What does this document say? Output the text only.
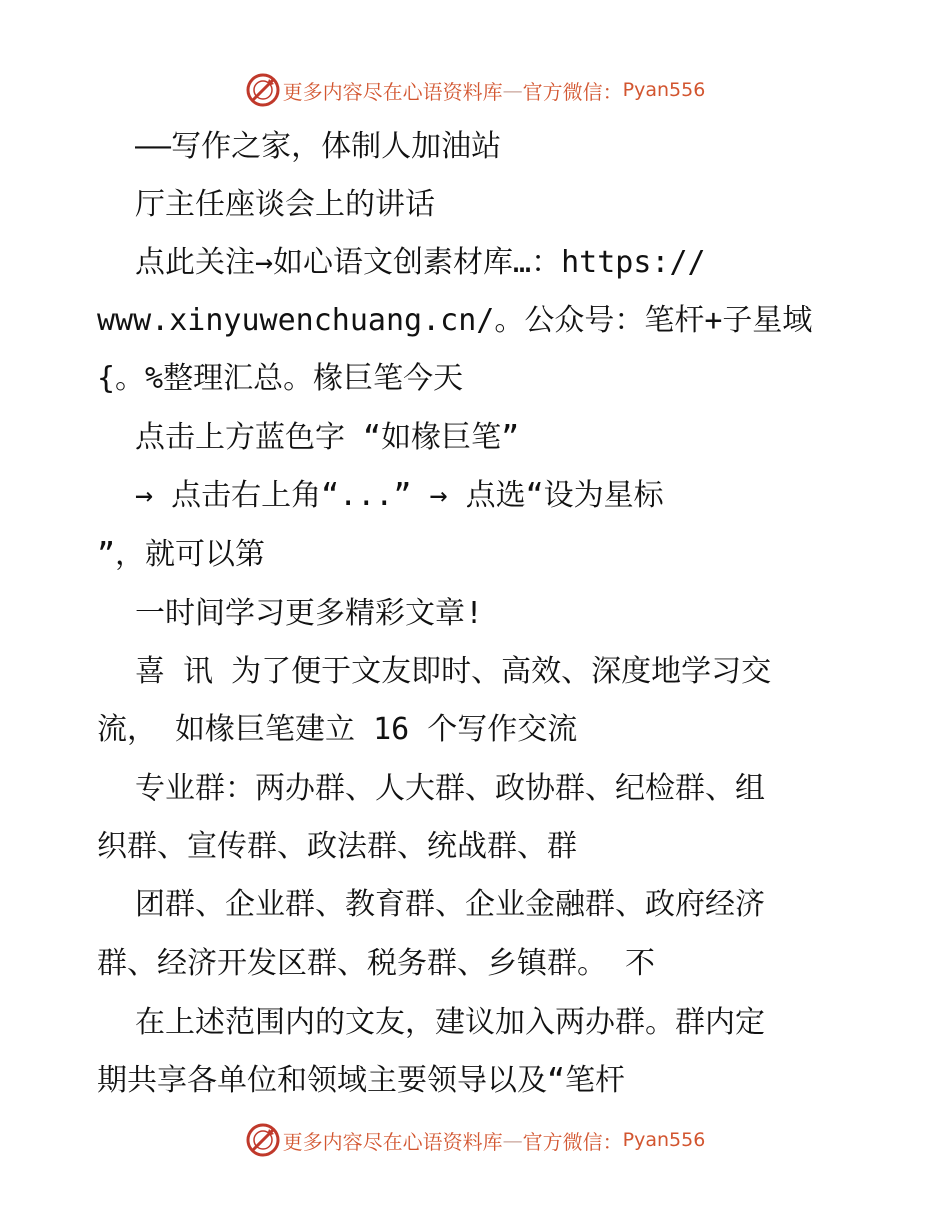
更多内容尽在心语资料库 — 官方微信： Pyan556
——写作之家，体制人加油站
厅主任座谈会上的讲话
点此关注→如心语文创素材库…：https://
www.xinyuwenchuang.cn/。公众号：笔杆+子星域
{。%整理汇总。椽巨笔今天
点击上方蓝色字 “如椽巨笔”
→ 点击右上角“...” → 点选“设为星标
”，就可以第
一时间学习更多精彩文章!
喜 讯 为了便于文友即时、高效、深度地学习交
流， 如椽巨笔建立 16 个写作交流
专业群：两办群、人大群、政协群、纪检群、组
织群、宣传群、政法群、统战群、群
团群、企业群、教育群、企业金融群、政府经济
群、经济开发区群、税务群、乡镇群。 不
在上述范围内的文友，建议加入两办群。群内定
期共享各单位和领域主要领导以及“笔杆
更多内容尽在心语资料库 — 官方微信： Pyan556
